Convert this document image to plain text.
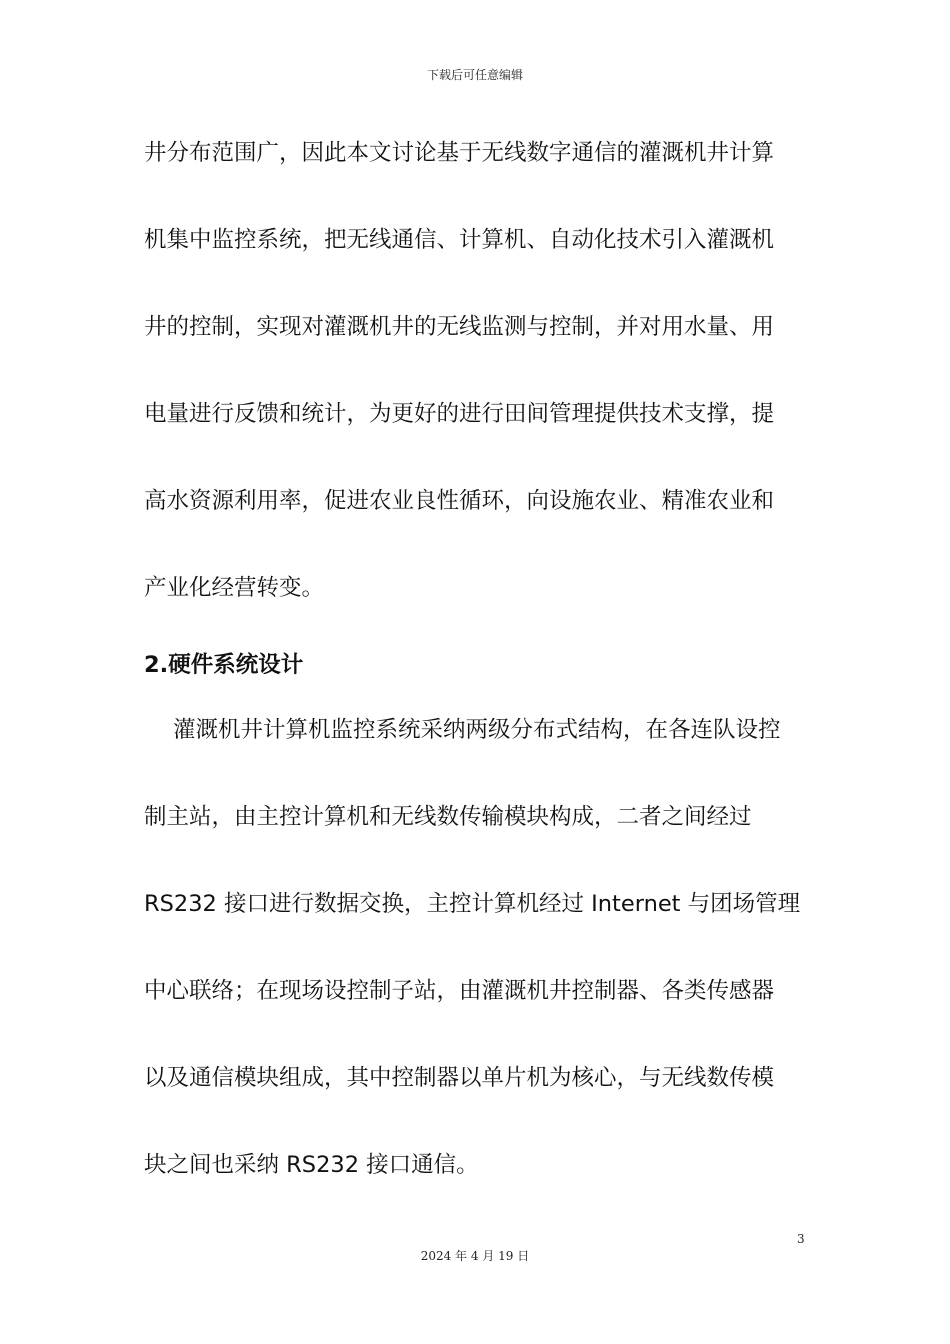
下载后可任意编辑
井分布范围广，因此本文讨论基于无线数字通信的灌溉机井计算
机集中监控系统，把无线通信、计算机、自动化技术引入灌溉机
井的控制，实现对灌溉机井的无线监测与控制，并对用水量、用
电量进行反馈和统计，为更好的进行田间管理提供技术支撑，提
高水资源利用率，促进农业良性循环，向设施农业、精准农业和
产业化经营转变。
2.硬件系统设计
灌溉机井计算机监控系统采纳两级分布式结构，在各连队设控
制主站，由主控计算机和无线数传输模块构成，二者之间经过
RS232 接口进行数据交换，主控计算机经过 Internet 与团场管理
中心联络；在现场设控制子站，由灌溉机井控制器、各类传感器
以及通信模块组成，其中控制器以单片机为核心，与无线数传模
块之间也采纳 RS232 接口通信。
3
2024 年 4 月 19 日
